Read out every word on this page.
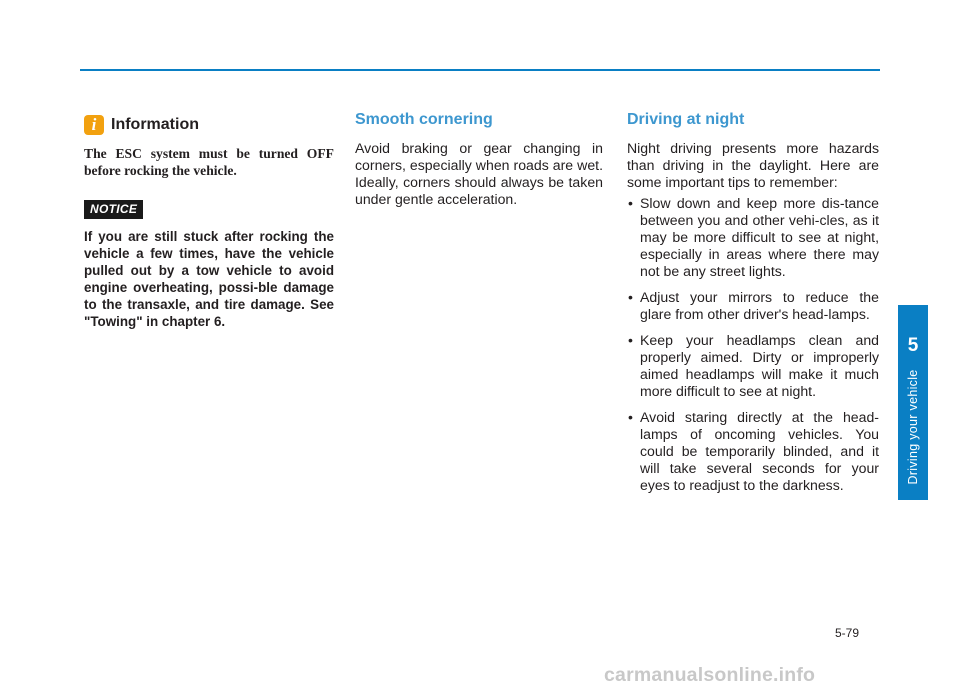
i Information
The ESC system must be turned OFF before rocking the vehicle.
NOTICE
If you are still stuck after rocking the vehicle a few times, have the vehicle pulled out by a tow vehicle to avoid engine overheating, possi-ble damage to the transaxle, and tire damage. See "Towing" in chapter 6.
Smooth cornering
Avoid braking or gear changing in corners, especially when roads are wet. Ideally, corners should always be taken under gentle acceleration.
Driving at night
Night driving presents more hazards than driving in the daylight. Here are some important tips to remember:
• Slow down and keep more dis-tance between you and other vehi-cles, as it may be more difficult to see at night, especially in areas where there may not be any street lights.
• Adjust your mirrors to reduce the glare from other driver's head-lamps.
• Keep your headlamps clean and properly aimed. Dirty or improperly aimed headlamps will make it much more difficult to see at night.
• Avoid staring directly at the head-lamps of oncoming vehicles. You could be temporarily blinded, and it will take several seconds for your eyes to readjust to the darkness.
5
Driving your vehicle
5-79
carmanualsonline.info
